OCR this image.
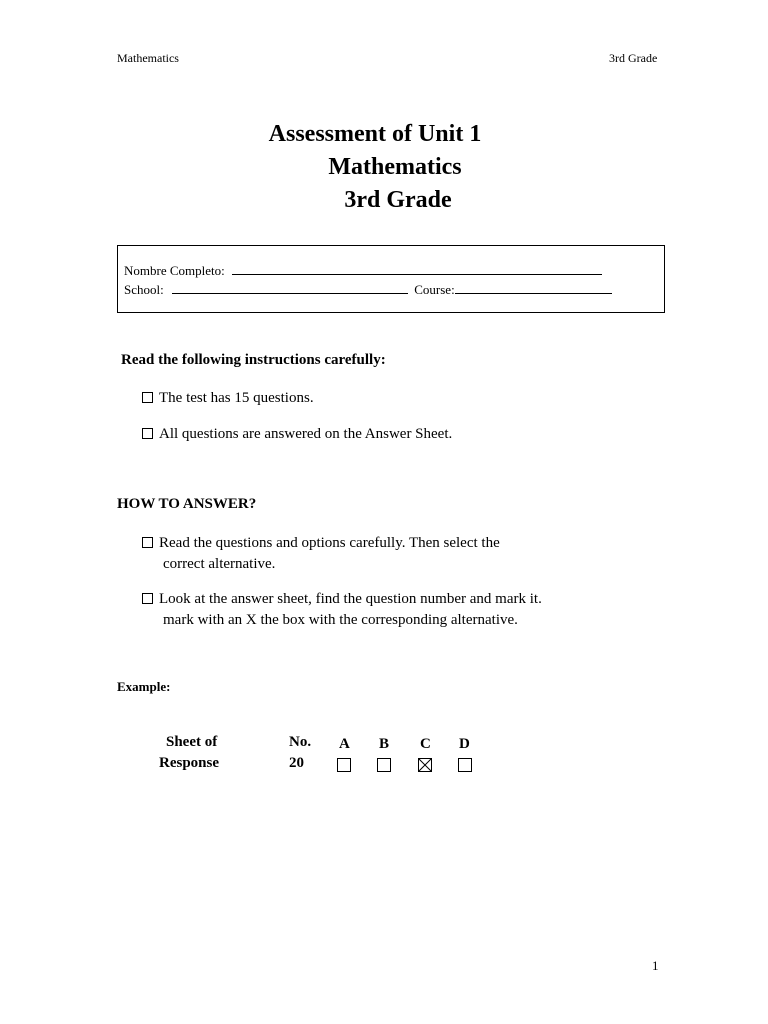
Mathematics	3rd Grade
Assessment of Unit 1
Mathematics
3rd Grade
Nombre Completo:
School:	Course:
Read the following instructions carefully:
The test has 15 questions.
All questions are answered on the Answer Sheet.
HOW TO ANSWER?
Read the questions and options carefully. Then select the
correct alternative.
Look at the answer sheet, find the question number and mark it.
mark with an X the box with the corresponding alternative.
Example:
Sheet of
Response
No.
20
A B C D
1
